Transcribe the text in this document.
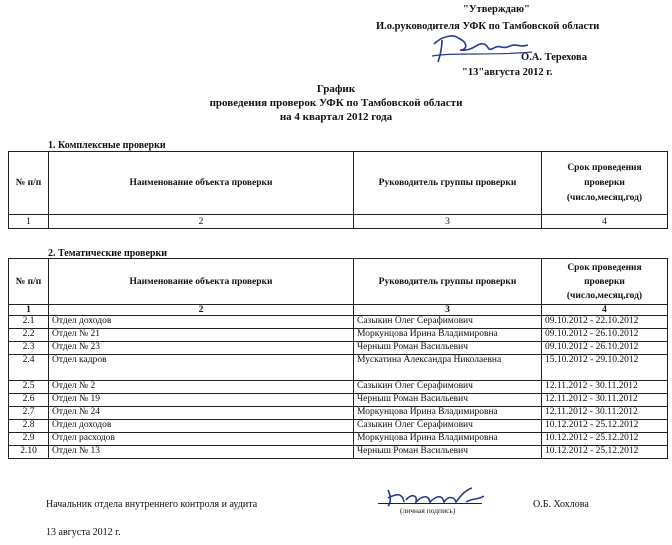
"Утверждаю"
И.о.руководителя УФК по Тамбовской области
О.А. Терехова
"13"августа 2012 г.
График
проведения проверок УФК по Тамбовской области
на 4 квартал 2012 года
1. Комплексные проверки
№ п/п	Наименование объекта проверки	Руководитель группы проверки	Срок проведения
проверки
(число,месяц,год)

1	2	3	4
2. Тематические проверки
№ п/п	Наименование объекта проверки	Руководитель группы проверки	Срок проведения
проверки
(число,месяц,год)

1	2	3	4
2.1	Отдел доходов	Сазыкин Олег Серафимович	09.10.2012 - 22.10.2012
2.2	Отдел № 21	Моркунцова Ирина Владимировна	09.10.2012 - 26.10.2012
2.3	Отдел № 23	Черныш Роман Васильевич	09.10.2012 - 26.10.2012
2.4	Отдел кадров	Мускатина Александра Николаевна	15.10.2012 - 29.10.2012
2.5	Отдел № 2	Сазыкин Олег Серафимович	12.11.2012 - 30.11.2012
2.6	Отдел № 19	Черныш Роман Васильевич	12.11.2012 - 30.11.2012
2.7	Отдел № 24	Моркунцова Ирина Владимировна	12.11.2012 - 30.11.2012
2.8	Отдел доходов	Сазыкин Олег Серафимович	10.12.2012 - 25.12.2012
2.9	Отдел расходов	Моркунцова Ирина Владимировна	10.12.2012 - 25.12.2012
2.10	Отдел № 13	Черныш Роман Васильевич	10.12.2012 - 25.12.2012
Начальник отдела внутреннего контроля и аудита
(личная подпись)
О.Б. Хохлова
13 августа 2012 г.
